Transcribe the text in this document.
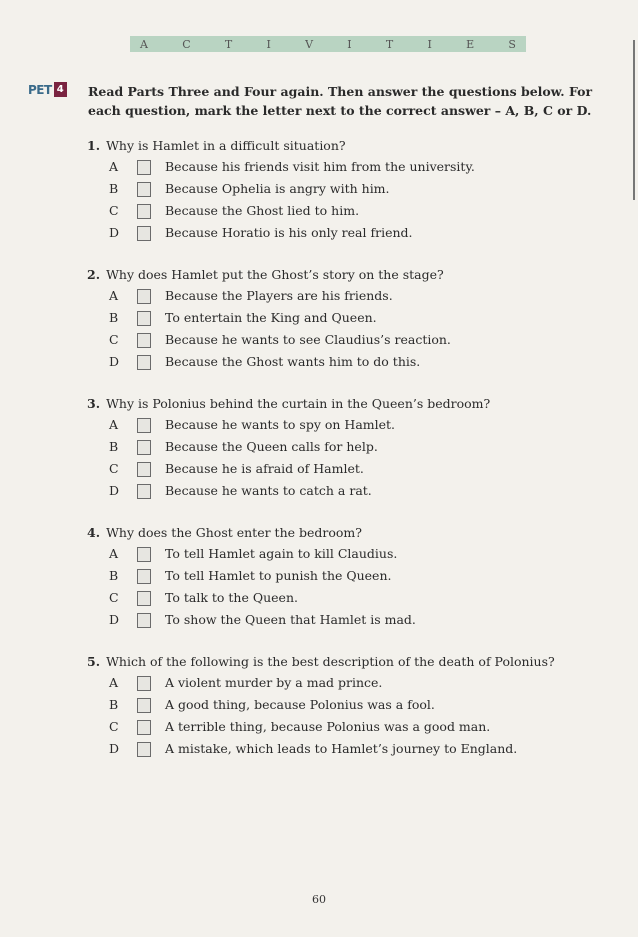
A	C	T	I	V	I	T	I	E	S
PET 4 Read Parts Three and Four again. Then answer the questions below. For each question, mark the letter next to the correct answer – A, B, C or D.
1. Why is Hamlet in a difficult situation?
A	Because his friends visit him from the university.
B	Because Ophelia is angry with him.
C	Because the Ghost lied to him.
D	Because Horatio is his only real friend.
2. Why does Hamlet put the Ghost’s story on the stage?
A	Because the Players are his friends.
B	To entertain the King and Queen.
C	Because he wants to see Claudius’s reaction.
D	Because the Ghost wants him to do this.
3. Why is Polonius behind the curtain in the Queen’s bedroom?
A	Because he wants to spy on Hamlet.
B	Because the Queen calls for help.
C	Because he is afraid of Hamlet.
D	Because he wants to catch a rat.
4. Why does the Ghost enter the bedroom?
A	To tell Hamlet again to kill Claudius.
B	To tell Hamlet to punish the Queen.
C	To talk to the Queen.
D	To show the Queen that Hamlet is mad.
5. Which of the following is the best description of the death of Polonius?
A	A violent murder by a mad prince.
B	A good thing, because Polonius was a fool.
C	A terrible thing, because Polonius was a good man.
D	A mistake, which leads to Hamlet’s journey to England.
60
